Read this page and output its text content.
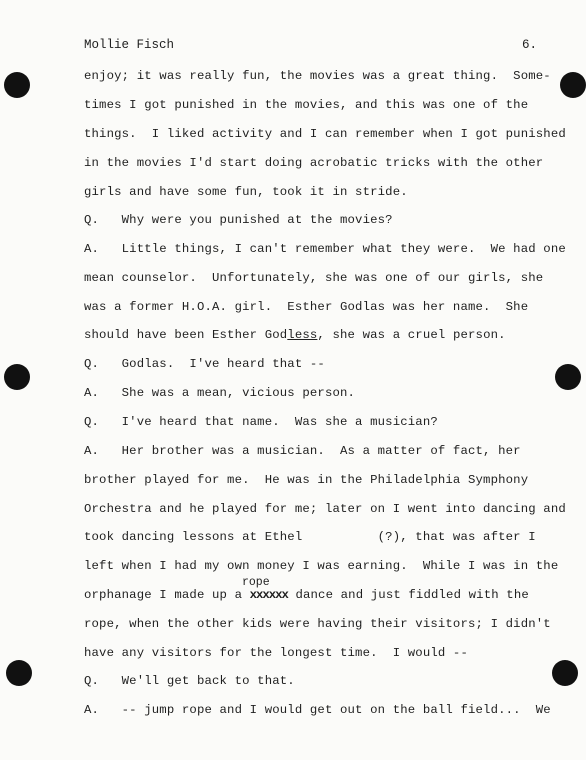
Mollie Fisch	6.
enjoy; it was really fun, the movies was a great thing.  Some-
times I got punished in the movies, and this was one of the
things.  I liked activity and I can remember when I got punished
in the movies I'd start doing acrobatic tricks with the other
girls and have some fun, took it in stride.
Q.   Why were you punished at the movies?
A.   Little things, I can't remember what they were.  We had one
mean counselor.  Unfortunately, she was one of our girls, she
was a former H.O.A. girl.  Esther Godlas was her name.  She
should have been Esther Godless, she was a cruel person.
Q.   Godlas.  I've heard that --
A.   She was a mean, vicious person.
Q.   I've heard that name.  Was she a musician?
A.   Her brother was a musician.  As a matter of fact, her
brother played for me.  He was in the Philadelphia Symphony
Orchestra and he played for me; later on I went into dancing and
took dancing lessons at Ethel          (?), that was after I
left when I had my own money I was earning.  While I was in the
rope
orphanage I made up a xxxxxx dance and just fiddled with the
rope, when the other kids were having their visitors; I didn't
have any visitors for the longest time.  I would --
Q.   We'll get back to that.
A.   -- jump rope and I would get out on the ball field...  We
